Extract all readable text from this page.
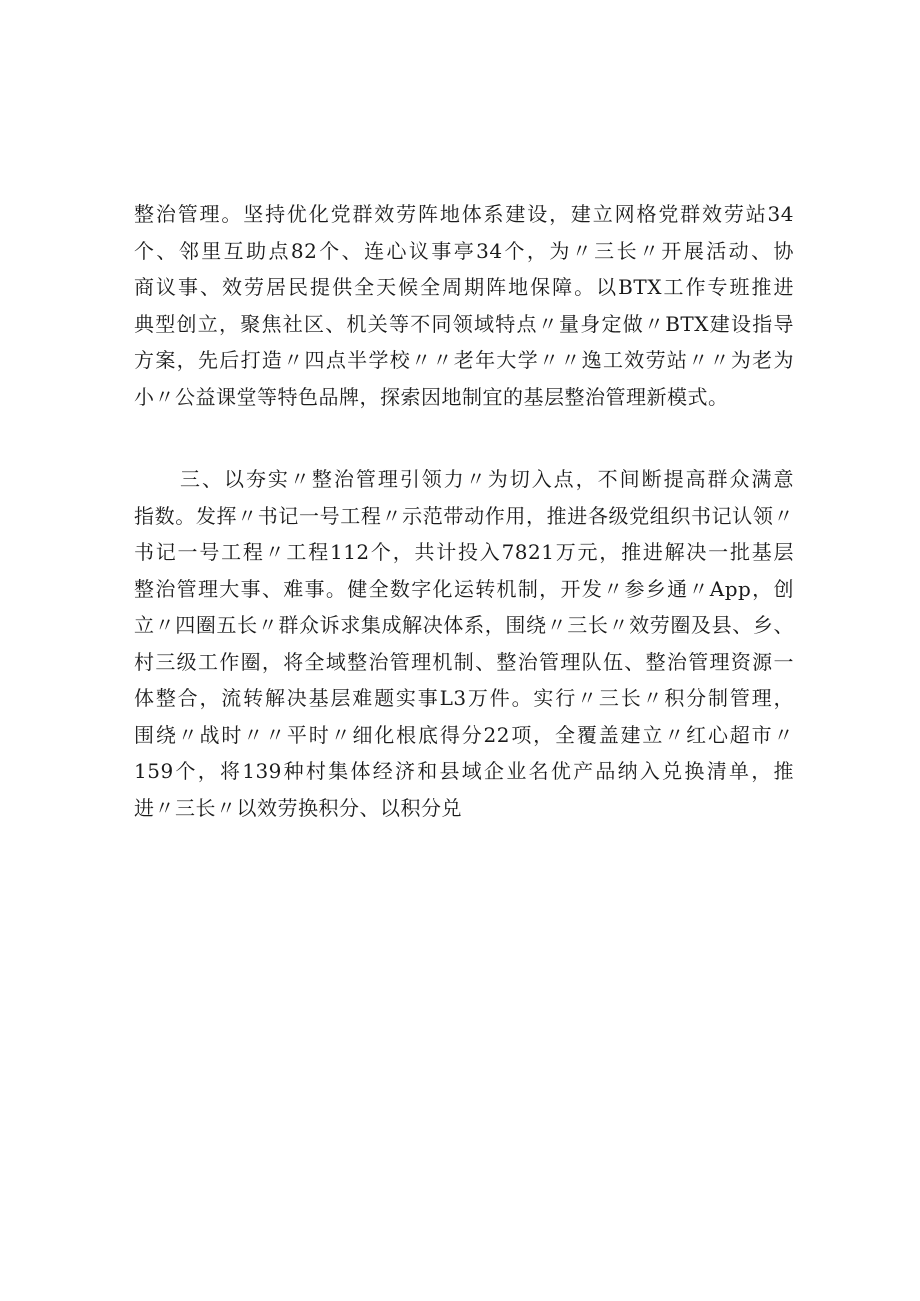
整治管理。坚持优化党群效劳阵地体系建设，建立网格党群效劳站34
个、邻里互助点82个、连心议事亭34个，为〃三长〃开展活动、协
商议事、效劳居民提供全天候全周期阵地保障。以BTX工作专班推进
典型创立，聚焦社区、机关等不同领域特点〃量身定做〃BTX建设指导
方案，先后打造〃四点半学校〃〃老年大学〃〃逸工效劳站〃〃为老为
小〃公益课堂等特色品牌，探索因地制宜的基层整治管理新模式。
三、以夯实〃整治管理引领力〃为切入点，不间断提高群众满意
指数。发挥〃书记一号工程〃示范带动作用，推进各级党组织书记认领〃
书记一号工程〃工程112个，共计投入7821万元，推进解决一批基层
整治管理大事、难事。健全数字化运转机制，开发〃参乡通〃App，创
立〃四圈五长〃群众诉求集成解决体系，围绕〃三长〃效劳圈及县、乡、
村三级工作圈，将全域整治管理机制、整治管理队伍、整治管理资源一
体整合，流转解决基层难题实事L3万件。实行〃三长〃积分制管理，
围绕〃战时〃〃平时〃细化根底得分22项，全覆盖建立〃红心超市〃
159个，将139种村集体经济和县域企业名优产品纳入兑换清单，推
进〃三长〃以效劳换积分、以积分兑
